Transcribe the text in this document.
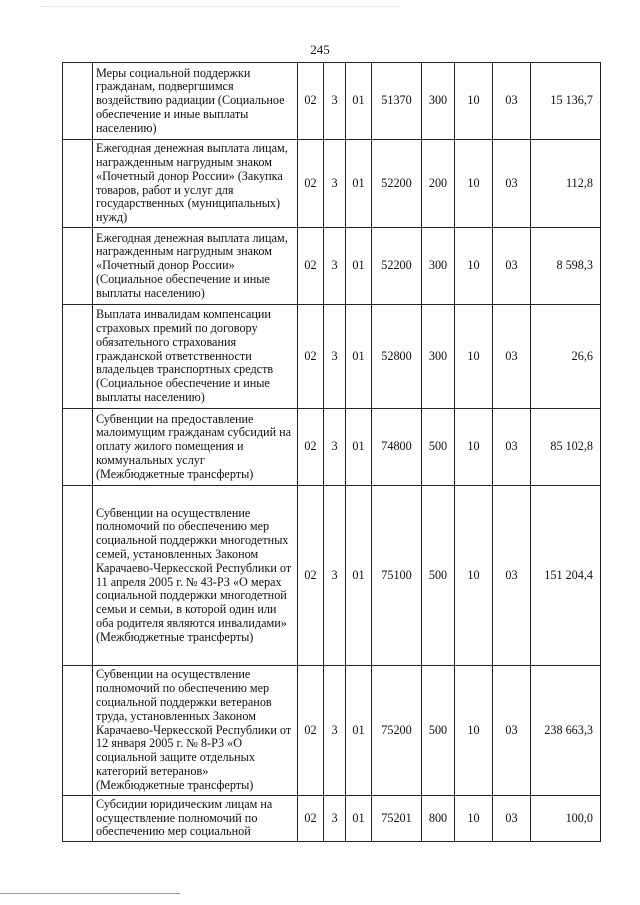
245
	Меры социальной поддержки гражданам, подвергшимся воздействию радиации (Социальное обеспечение и иные выплаты населению)	02	3	01	51370	300	10	03	15 136,7
	Ежегодная денежная выплата лицам, награжденным нагрудным знаком «Почетный донор России» (Закупка товаров, работ и услуг для государственных (муниципальных) нужд)	02	3	01	52200	200	10	03	112,8
	Ежегодная денежная выплата лицам, награжденным нагрудным знаком «Почетный донор России» (Социальное обеспечение и иные выплаты населению)	02	3	01	52200	300	10	03	8 598,3
	Выплата инвалидам компенсации страховых премий по договору обязательного страхования гражданской ответственности владельцев транспортных средств (Социальное обеспечение и иные выплаты населению)	02	3	01	52800	300	10	03	26,6
	Субвенции на предоставление малоимущим гражданам субсидий на оплату жилого помещения и коммунальных услуг (Межбюджетные трансферты)	02	3	01	74800	500	10	03	85 102,8
	Субвенции на осуществление полномочий по обеспечению мер социальной поддержки многодетных семей, установленных Законом Карачаево-Черкесской Республики от 11 апреля 2005 г. № 43-РЗ «О мерах социальной поддержки многодетной семьи и семьи, в которой один или оба родителя являются инвалидами» (Межбюджетные трансферты)	02	3	01	75100	500	10	03	151 204,4
	Субвенции на осуществление полномочий по обеспечению мер социальной поддержки ветеранов труда, установленных Законом Карачаево-Черкесской Республики от 12 января 2005 г. № 8-РЗ «О социальной защите отдельных категорий ветеранов» (Межбюджетные трансферты)	02	3	01	75200	500	10	03	238 663,3
	Субсидии юридическим лицам на осуществление полномочий по обеспечению мер социальной	02	3	01	75201	800	10	03	100,0
